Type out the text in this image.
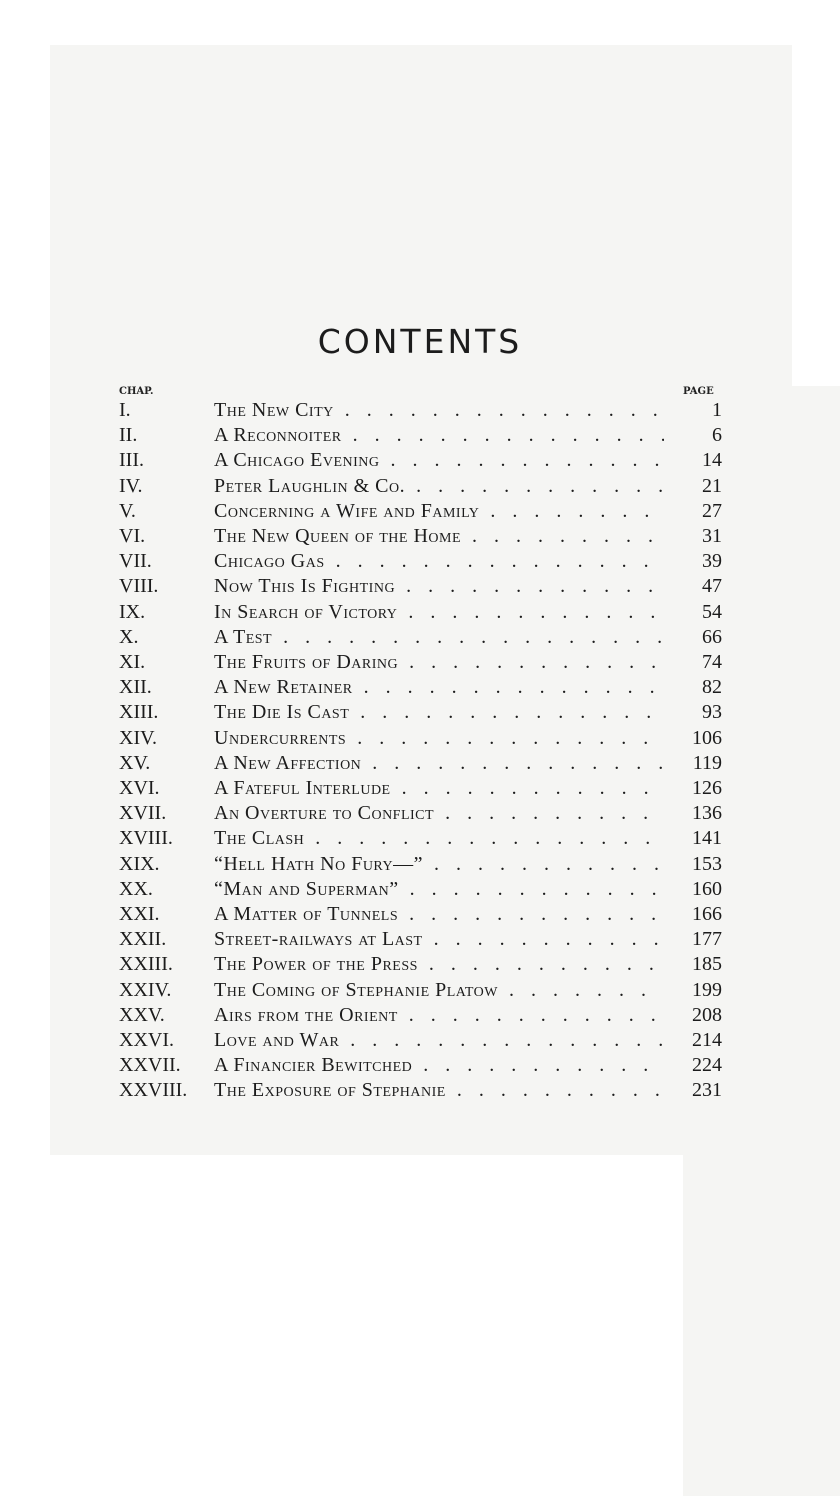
CONTENTS
CHAP.	PAGE
I.	The New City . . .	1
II.	A Reconnoiter . . .	6
III.	A Chicago Evening . . .	14
IV.	Peter Laughlin & Co. . . .	21
V.	Concerning a Wife and Family . . .	27
VI.	The New Queen of the Home . . .	31
VII.	Chicago Gas . . .	39
VIII.	Now This Is Fighting . . .	47
IX.	In Search of Victory . . .	54
X.	A Test . . .	66
XI.	The Fruits of Daring . . .	74
XII.	A New Retainer . . .	82
XIII.	The Die Is Cast . . .	93
XIV.	Undercurrents . . .	106
XV.	A New Affection . . .	119
XVI.	A Fateful Interlude . . .	126
XVII. An Overture to Conflict . . .	136
XVIII. The Clash . . .	141
XIX.	“Hell Hath No Fury—” . . .	153
XX.	“Man and Superman” . . .	160
XXI.	A Matter of Tunnels . . .	166
XXII. Street-railways at Last . . .	177
XXIII. The Power of the Press . . .	185
XXIV. The Coming of Stephanie Platow . . .	199
XXV. Airs from the Orient . . .	208
XXVI. Love and War . . .	214
XXVII. A Financier Bewitched . . .	224
XXVIII. The Exposure of Stephanie . . .	231
